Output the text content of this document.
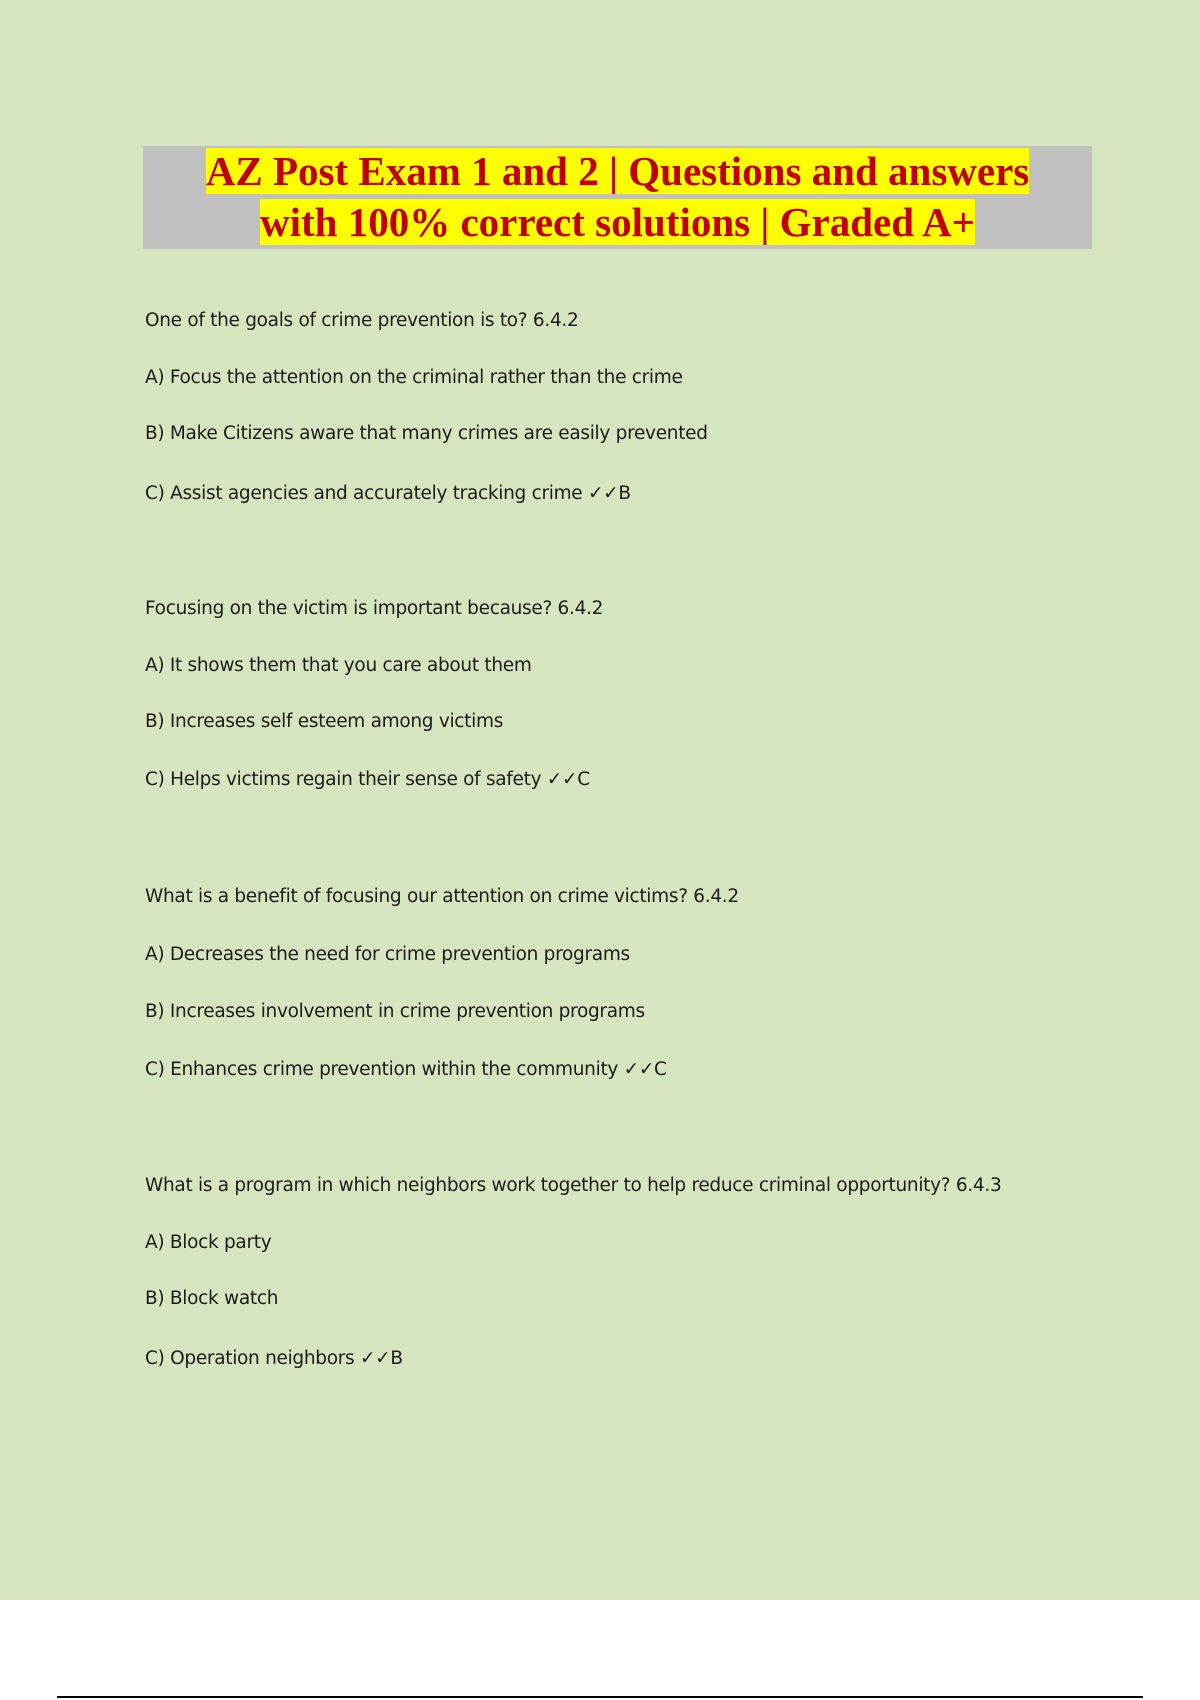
AZ Post Exam 1 and 2 | Questions and answers
with 100% correct solutions | Graded A+

One of the goals of crime prevention is to? 6.4.2

A) Focus the attention on the criminal rather than the crime

B) Make Citizens aware that many crimes are easily prevented

C) Assist agencies and accurately tracking crime ✓✓B

Focusing on the victim is important because? 6.4.2

A) It shows them that you care about them

B) Increases self esteem among victims

C) Helps victims regain their sense of safety ✓✓C

What is a benefit of focusing our attention on crime victims? 6.4.2

A) Decreases the need for crime prevention programs

B) Increases involvement in crime prevention programs

C) Enhances crime prevention within the community ✓✓C

What is a program in which neighbors work together to help reduce criminal opportunity? 6.4.3

A) Block party

B) Block watch

C) Operation neighbors ✓✓B
